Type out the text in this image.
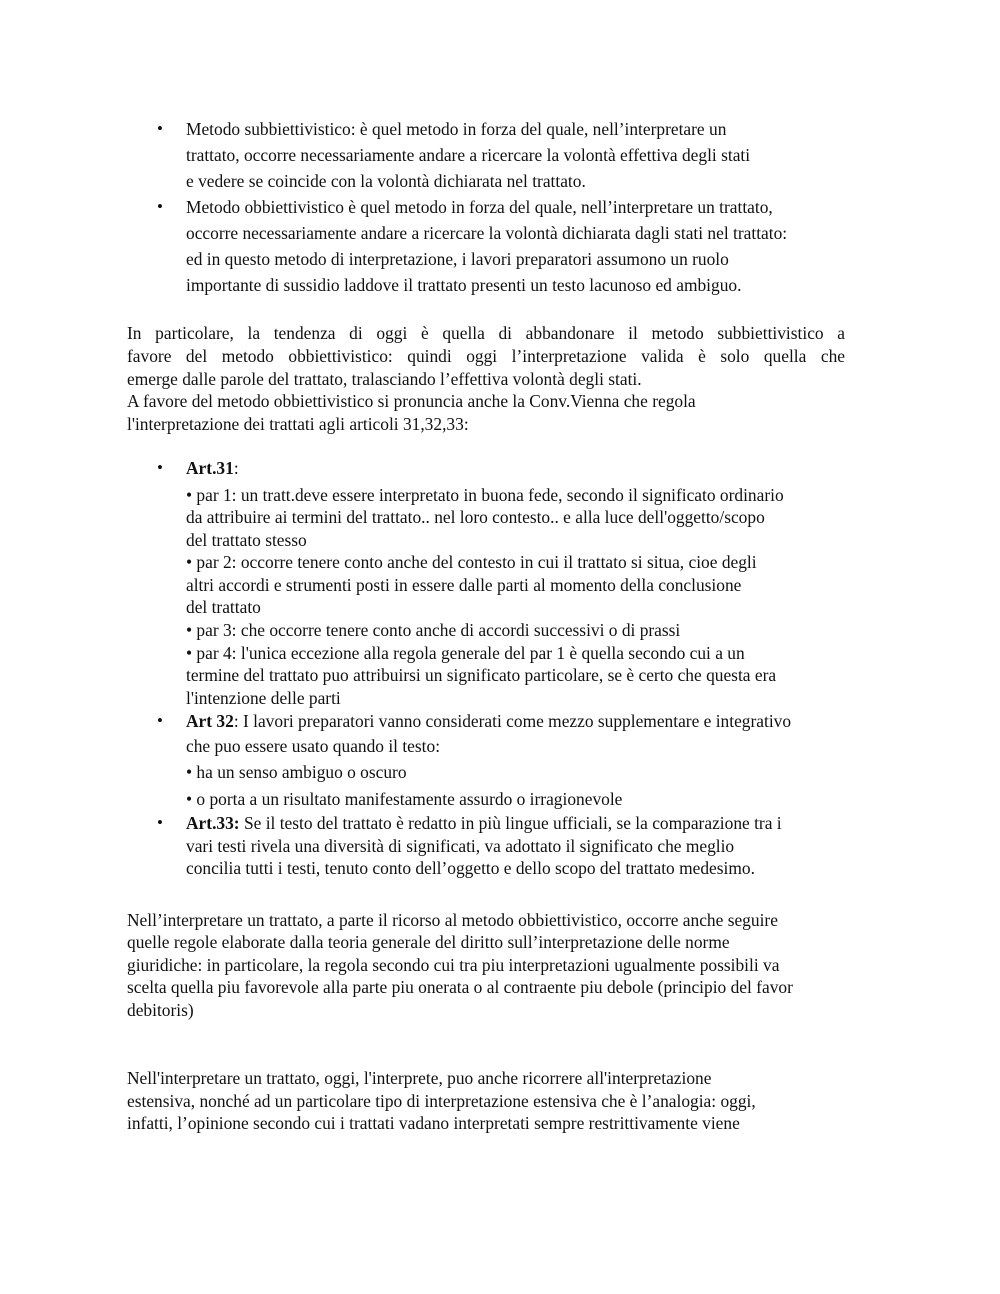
• Metodo subbiettivistico: è quel metodo in forza del quale, nell’interpretare un
trattato, occorre necessariamente andare a ricercare la volontà effettiva degli stati
e vedere se coincide con la volontà dichiarata nel trattato.
• Metodo obbiettivistico è quel metodo in forza del quale, nell’interpretare un trattato,
occorre necessariamente andare a ricercare la volontà dichiarata dagli stati nel trattato:
ed in questo metodo di interpretazione, i lavori preparatori assumono un ruolo
importante di sussidio laddove il trattato presenti un testo lacunoso ed ambiguo.
In particolare, la tendenza di oggi è quella di abbandonare il metodo subbiettivistico a
favore del metodo obbiettivistico: quindi oggi l’interpretazione valida è solo quella che
emerge dalle parole del trattato, tralasciando l’effettiva volontà degli stati.
A favore del metodo obbiettivistico si pronuncia anche la Conv.Vienna che regola
l'interpretazione dei trattati agli articoli 31,32,33:
• Art.31:
• par 1: un tratt.deve essere interpretato in buona fede, secondo il significato ordinario
da attribuire ai termini del trattato.. nel loro contesto.. e alla luce dell'oggetto/scopo
del trattato stesso
• par 2: occorre tenere conto anche del contesto in cui il trattato si situa, cioe degli
altri accordi e strumenti posti in essere dalle parti al momento della conclusione
del trattato
• par 3: che occorre tenere conto anche di accordi successivi o di prassi
• par 4: l'unica eccezione alla regola generale del par 1 è quella secondo cui a un
termine del trattato puo attribuirsi un significato particolare, se è certo che questa era
l'intenzione delle parti
• Art 32: I lavori preparatori vanno considerati come mezzo supplementare e integrativo
che puo essere usato quando il testo:
• ha un senso ambiguo o oscuro
• o porta a un risultato manifestamente assurdo o irragionevole
• Art.33: Se il testo del trattato è redatto in più lingue ufficiali, se la comparazione tra i
vari testi rivela una diversità di significati, va adottato il significato che meglio
concilia tutti i testi, tenuto conto dell’oggetto e dello scopo del trattato medesimo.
Nell’interpretare un trattato, a parte il ricorso al metodo obbiettivistico, occorre anche seguire
quelle regole elaborate dalla teoria generale del diritto sull’interpretazione delle norme
giuridiche: in particolare, la regola secondo cui tra piu interpretazioni ugualmente possibili va
scelta quella piu favorevole alla parte piu onerata o al contraente piu debole (principio del favor
debitoris)
Nell'interpretare un trattato, oggi, l'interprete, puo anche ricorrere all'interpretazione
estensiva, nonché ad un particolare tipo di interpretazione estensiva che è l’analogia: oggi,
infatti, l’opinione secondo cui i trattati vadano interpretati sempre restrittivamente viene
